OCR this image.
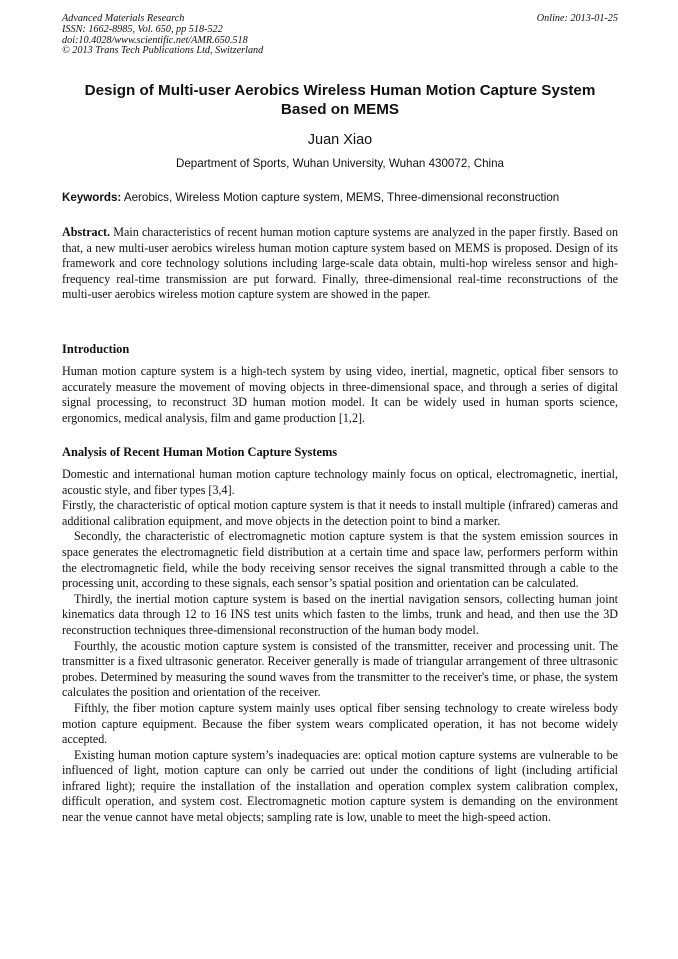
Advanced Materials Research
ISSN: 1662-8985, Vol. 650, pp 518-522
doi:10.4028/www.scientific.net/AMR.650.518
© 2013 Trans Tech Publications Ltd, Switzerland
Online: 2013-01-25
Design of Multi-user Aerobics Wireless Human Motion Capture System
Based on MEMS
Juan Xiao
Department of Sports, Wuhan University, Wuhan 430072, China
Keywords: Aerobics, Wireless Motion capture system, MEMS, Three-dimensional reconstruction

Abstract. Main characteristics of recent human motion capture systems are analyzed in the paper firstly. Based on that, a new multi-user aerobics wireless human motion capture system based on MEMS is proposed. Design of its framework and core technology solutions including large-scale data obtain, multi-hop wireless sensor and high-frequency real-time transmission are put forward. Finally, three-dimensional real-time reconstructions of the multi-user aerobics wireless motion capture system are showed in the paper.

Introduction

Human motion capture system is a high-tech system by using video, inertial, magnetic, optical fiber sensors to accurately measure the movement of moving objects in three-dimensional space, and through a series of digital signal processing, to reconstruct 3D human motion model. It can be widely used in human sports science, ergonomics, medical analysis, film and game production [1,2].

Analysis of Recent Human Motion Capture Systems

Domestic and international human motion capture technology mainly focus on optical, electromagnetic, inertial, acoustic style, and fiber types [3,4].

Firstly, the characteristic of optical motion capture system is that it needs to install multiple (infrared) cameras and additional calibration equipment, and move objects in the detection point to bind a marker.

Secondly, the characteristic of electromagnetic motion capture system is that the system emission sources in space generates the electromagnetic field distribution at a certain time and space law, performers perform within the electromagnetic field, while the body receiving sensor receives the signal transmitted through a cable to the processing unit, according to these signals, each sensor’s spatial position and orientation can be calculated.

Thirdly, the inertial motion capture system is based on the inertial navigation sensors, collecting human joint kinematics data through 12 to 16 INS test units which fasten to the limbs, trunk and head, and then use the 3D reconstruction techniques three-dimensional reconstruction of the human body model.

Fourthly, the acoustic motion capture system is consisted of the transmitter, receiver and processing unit. The transmitter is a fixed ultrasonic generator. Receiver generally is made of triangular arrangement of three ultrasonic probes. Determined by measuring the sound waves from the transmitter to the receiver's time, or phase, the system calculates the position and orientation of the receiver.

Fifthly, the fiber motion capture system mainly uses optical fiber sensing technology to create wireless body motion capture equipment. Because the fiber system wears complicated operation, it has not become widely accepted.

Existing human motion capture system’s inadequacies are: optical motion capture systems are vulnerable to be influenced of light, motion capture can only be carried out under the conditions of light (including artificial infrared light); require the installation of the installation and operation complex system calibration complex, difficult operation, and system cost. Electromagnetic motion capture system is demanding on the environment near the venue cannot have metal objects; sampling rate is low, unable to meet the high-speed action.
